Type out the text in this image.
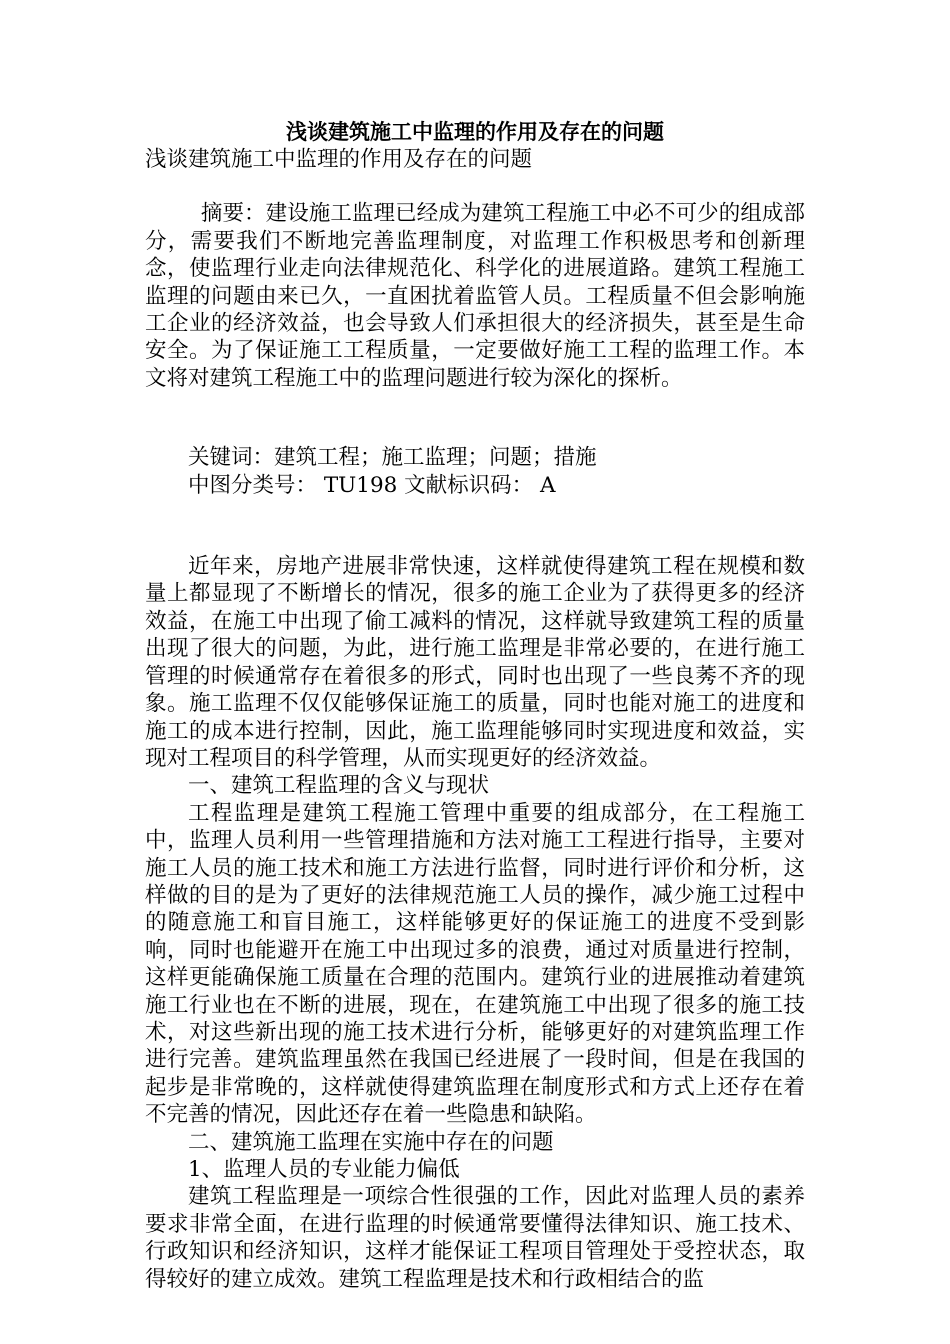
浅谈建筑施工中监理的作用及存在的问题
浅谈建筑施工中监理的作用及存在的问题
摘要：建设施工监理已经成为建筑工程施工中必不可少的组成部分，需要我们不断地完善监理制度，对监理工作积极思考和创新理念，使监理行业走向法律规范化、科学化的进展道路。建筑工程施工监理的问题由来已久，一直困扰着监管人员。工程质量不但会影响施工企业的经济效益，也会导致人们承担很大的经济损失，甚至是生命安全。为了保证施工工程质量，一定要做好施工工程的监理工作。本文将对建筑工程施工中的监理问题进行较为深化的探析。
关键词：建筑工程；施工监理；问题；措施
中图分类号： TU198 文献标识码： A
近年来，房地产进展非常快速，这样就使得建筑工程在规模和数量上都显现了不断增长的情况，很多的施工企业为了获得更多的经济效益，在施工中出现了偷工减料的情况，这样就导致建筑工程的质量出现了很大的问题，为此，进行施工监理是非常必要的，在进行施工管理的时候通常存在着很多的形式，同时也出现了一些良莠不齐的现象。施工监理不仅仅能够保证施工的质量，同时也能对施工的进度和施工的成本进行控制，因此，施工监理能够同时实现进度和效益，实现对工程项目的科学管理，从而实现更好的经济效益。
一、建筑工程监理的含义与现状
工程监理是建筑工程施工管理中重要的组成部分，在工程施工中，监理人员利用一些管理措施和方法对施工工程进行指导，主要对施工人员的施工技术和施工方法进行监督，同时进行评价和分析，这样做的目的是为了更好的法律规范施工人员的操作，减少施工过程中的随意施工和盲目施工，这样能够更好的保证施工的进度不受到影响，同时也能避开在施工中出现过多的浪费，通过对质量进行控制，这样更能确保施工质量在合理的范围内。建筑行业的进展推动着建筑施工行业也在不断的进展，现在，在建筑施工中出现了很多的施工技术，对这些新出现的施工技术进行分析，能够更好的对建筑监理工作进行完善。建筑监理虽然在我国已经进展了一段时间，但是在我国的起步是非常晚的，这样就使得建筑监理在制度形式和方式上还存在着不完善的情况，因此还存在着一些隐患和缺陷。
二、建筑施工监理在实施中存在的问题
1、监理人员的专业能力偏低
建筑工程监理是一项综合性很强的工作，因此对监理人员的素养要求非常全面，在进行监理的时候通常要懂得法律知识、施工技术、行政知识和经济知识，这样才能保证工程项目管理处于受控状态，取得较好的建立成效。建筑工程监理是技术和行政相结合的监
